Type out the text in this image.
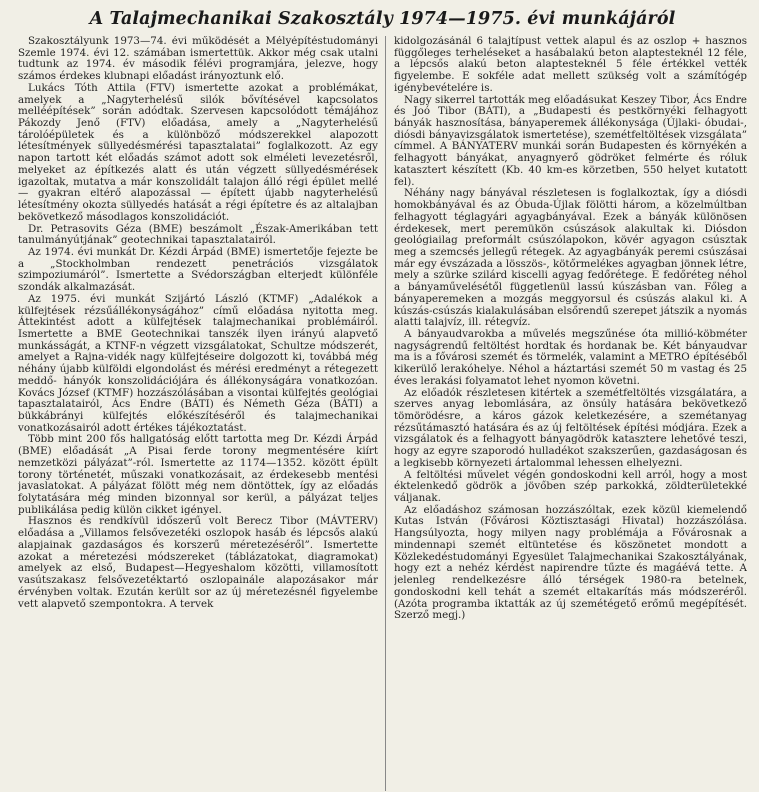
A Talajmechanikai Szakosztály 1974—1975. évi munkájáról

Szakosztályunk 1973—74. évi működését a Mélyépítéstudományi Szemle 1974. évi 12. számában ismertettük. Akkor még csak utalni tudtunk az 1974. év második félévi programjára, jelezve, hogy számos érdekes klubnapi előadást irányoztunk elő.

Lukács Tóth Attila (FTV) ismertette azokat a problémákat, amelyek a „Nagyterhelésű silók bővítésével kapcsolatos melléépítések” során adódtak. Szervesen kapcsolódott témájához Pákozdy Jenő (FTV) előadása, amely a „Nagyterhelésű tárolóépületek és a különböző módszerekkel alapozott létesítmények süllyedésmérési tapasztalatai” foglalkozott. Az egy napon tartott két előadás számot adott sok elméleti levezetésről, melyeket az építkezés alatt és után végzett süllyedésmérések igazoltak, mutatva a már konszolidált talajon álló régi épület mellé — gyakran eltérő alapozással — épített újabb nagyterhelésű létesítmény okozta süllyedés hatását a régi építetre és az altalajban bekövetkező másodlagos konszolidációt.

Dr. Petrasovits Géza (BME) beszámolt „Észak-Amerikában tett tanulmányútjának” geotechnikai tapasztalatairól.

Az 1974. évi munkát Dr. Kézdi Árpád (BME) ismertetője fejezte be a „Stockholmban rendezett penetrációs vizsgálatok szimpoziumáról”. Ismertette a Svédországban elterjedt különféle szondák alkalmazását.

Az 1975. évi munkát Szijártó László (KTMF) „Adalékok a külfejtések rézsűállékonyságához” című előadása nyitotta meg. Áttekintést adott a külfejtések talajmechanikai problémáiról. Ismertette a BME Geotechnikai tanszék ilyen irányú alapvető munkásságát, a KTNF-n végzett vizsgálatokat, Schultze módszerét, amelyet a Rajna-vidék nagy külfejtéseire dolgozott ki, továbbá még néhány újabb külföldi elgondolást és mérési eredményt a rétegezett meddő- hányók konszolidációjára és állékonyságára vonatkozóan. Kovács József (KTMF) hozzászólásában a visontai külfejtés geológiai tapasztalatairól, Ács Endre (BÁTI) és Németh Géza (BÁTI) a bükkábrányi külfejtés előkészítéséről és talajmechanikai vonatkozásairól adott értékes tájékoztatást.

Több mint 200 fős hallgatóság előtt tartotta meg Dr. Kézdi Árpád (BME) előadását „A Pisai ferde torony megmentésére kiírt nemzetközi pályázat”-ról. Ismertette az 1174—1352. között épült torony történetét, műszaki vonatkozásait, az érdekesebb mentési javaslatokat. A pályázat fölött még nem döntöttek, így az előadás folytatására még minden bizonnyal sor kerül, a pályázat teljes publikálása pedig külön cikket igényel.

Hasznos és rendkívül időszerű volt Berecz Tibor (MÁVTERV) előadása a „Villamos felsővezetéki oszlopok hasáb és lépcsős alakú alapjainak gazdaságos és korszerű méretezéséről”. Ismertette azokat a méretezési módszereket (táblázatokat, diagramokat) amelyek az első, Budapest—Hegyeshalom közötti, villamosított vasútszakasz felsővezetéktartó oszlopainále alapozásakor már érvényben voltak. Ezután került sor az új méretezésnél figyelembe vett alapvető szempontokra. A tervek

kidolgozásánál 6 talajtípust vettek alapul és az oszlop + hasznos függőleges terheléseket a hasábalakú beton alaptesteknél 12 féle, a lépcsős alakú beton alaptesteknél 5 féle értékkel vették figyelembe. E sokféle adat mellett szükség volt a számítógép igénybevételére is.

Nagy sikerrel tartották meg előadásukat Keszey Tibor, Ács Endre és Joó Tibor (BÁTI), a „Budapesti és pestkörnyéki felhagyott bányák hasznosítása, bányaperemek állékonysága (Újlaki- óbudai-, diósdi bányavizsgálatok ismertetése), szemétfeltöltések vizsgálata” címmel. A BÁNYATERV munkái során Budapesten és környékén a felhagyott bányákat, anyagnyerő gödröket felmérte és róluk katasztert készített (Kb. 40 km-es körzetben, 550 helyet kutatott fel).

Néhány nagy bányával részletesen is foglalkoztak, így a diósdi homokbányával és az Óbuda-Újlak fölötti három, a közelmúltban felhagyott téglagyári agyagbányával. Ezek a bányák különösen érdekesek, mert peremükön csúszások alakultak ki. Diósdon geológiailag preformált csúszólapokon, kövér agyagon csúsztak meg a szemcsés jellegű rétegek. Az agyagbányák peremi csúszásai már egy évszázada a lösszös-, kötőrmelékes agyagban jönnek létre, mely a szürke szilárd kiscelli agyag fedőrétege. E fedőréteg néhol a bányaművelésétől függetlenül lassú kúszásban van. Főleg a bányaperemeken a mozgás meggyorsul és csúszás alakul ki. A kúszás-csúszás kialakulásában elsőrendű szerepet játszik a nyomás alatti talajvíz, ill. rétegvíz.

A bányaudvarokba a művelés megszűnése óta millió-köbméter nagyságrendű feltöltést hordtak és hordanak be. Két bányaudvar ma is a fővárosi szemét és törmelék, valamint a METRO építéséből kikerülő lerakóhelye. Néhol a háztartási szemét 50 m vastag és 25 éves lerakási folyamatot lehet nyomon követni.

Az előadók részletesen kitértek a szemétfeltöltés vizsgálatára, a szerves anyag lebomlására, az önsúly hatására bekövetkező tömörödésre, a káros gázok keletkezésére, a szemétanyag rézsűtámasztó hatására és az új feltöltések építési módjára. Ezek a vizsgálatok és a felhagyott bányagödrök katasztere lehetővé teszi, hogy az egyre szaporodó hulladékot szakszerűen, gazdaságosan és a legkisebb környezeti ártalommal lehessen elhelyezni.

A feltöltési művelet végén gondoskodni kell arról, hogy a most éktelenkedő gödrök a jövőben szép parkokká, zöldterületekké váljanak.

Az előadáshoz számosan hozzászóltak, ezek közül kiemelendő Kutas István (Fővárosi Köztisztasági Hivatal) hozzászólása. Hangsúlyozta, hogy milyen nagy problémája a Fővárosnak a mindennapi szemét eltüntetése és köszönetet mondott a Közlekedéstudományi Egyesület Talajmechanikai Szakosztályának, hogy ezt a nehéz kérdést napirendre tűzte és magáévá tette. A jelenleg rendelkezésre álló térségek 1980-ra betelnek, gondoskodni kell tehát a szemét eltakarítás más módszeréről. (Azóta programba iktatták az új szemétégető erőmű megépítését. Szerző megj.)
